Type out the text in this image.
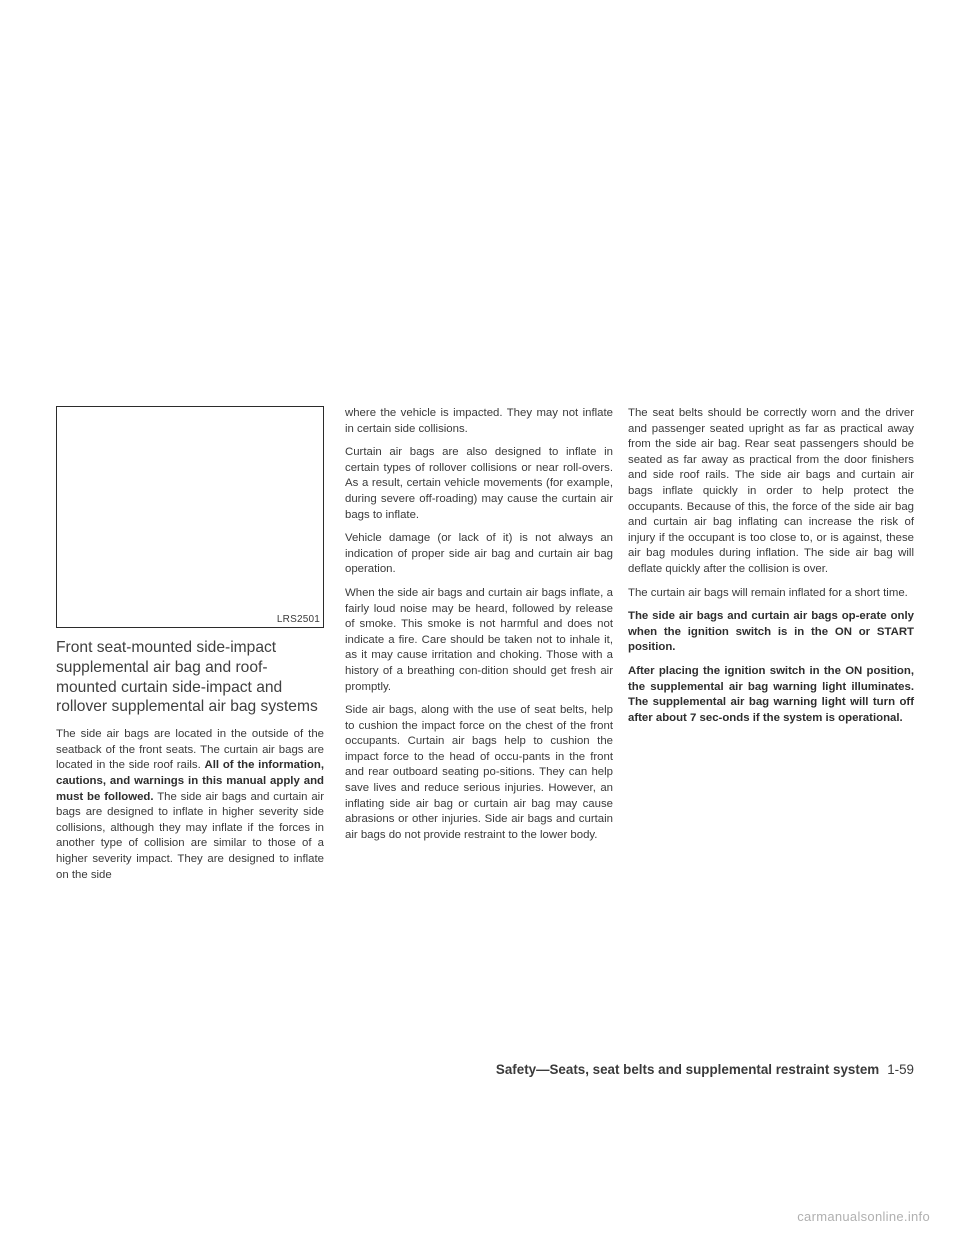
LRS2501
Front seat-mounted side-impact supplemental air bag and roof-mounted curtain side-impact and rollover supplemental air bag systems

The side air bags are located in the outside of the seatback of the front seats. The curtain air bags are located in the side roof rails. All of the information, cautions, and warnings in this manual apply and must be followed. The side air bags and curtain air bags are designed to inflate in higher severity side collisions, although they may inflate if the forces in another type of collision are similar to those of a higher severity impact. They are designed to inflate on the side

where the vehicle is impacted. They may not inflate in certain side collisions.

Curtain air bags are also designed to inflate in certain types of rollover collisions or near roll-overs. As a result, certain vehicle movements (for example, during severe off-roading) may cause the curtain air bags to inflate.

Vehicle damage (or lack of it) is not always an indication of proper side air bag and curtain air bag operation.

When the side air bags and curtain air bags inflate, a fairly loud noise may be heard, followed by release of smoke. This smoke is not harmful and does not indicate a fire. Care should be taken not to inhale it, as it may cause irritation and choking. Those with a history of a breathing con-dition should get fresh air promptly.

Side air bags, along with the use of seat belts, help to cushion the impact force on the chest of the front occupants. Curtain air bags help to cushion the impact force to the head of occu-pants in the front and rear outboard seating po-sitions. They can help save lives and reduce serious injuries. However, an inflating side air bag or curtain air bag may cause abrasions or other injuries. Side air bags and curtain air bags do not provide restraint to the lower body.

The seat belts should be correctly worn and the driver and passenger seated upright as far as practical away from the side air bag. Rear seat passengers should be seated as far away as practical from the door finishers and side roof rails. The side air bags and curtain air bags inflate quickly in order to help protect the occupants. Because of this, the force of the side air bag and curtain air bag inflating can increase the risk of injury if the occupant is too close to, or is against, these air bag modules during inflation. The side air bag will deflate quickly after the collision is over.

The curtain air bags will remain inflated for a short time.

The side air bags and curtain air bags op-erate only when the ignition switch is in the ON or START position.

After placing the ignition switch in the ON position, the supplemental air bag warning light illuminates. The supplemental air bag warning light will turn off after about 7 sec-onds if the system is operational.

Safety—Seats, seat belts and supplemental restraint system 1-59
carmanualsonline.info
